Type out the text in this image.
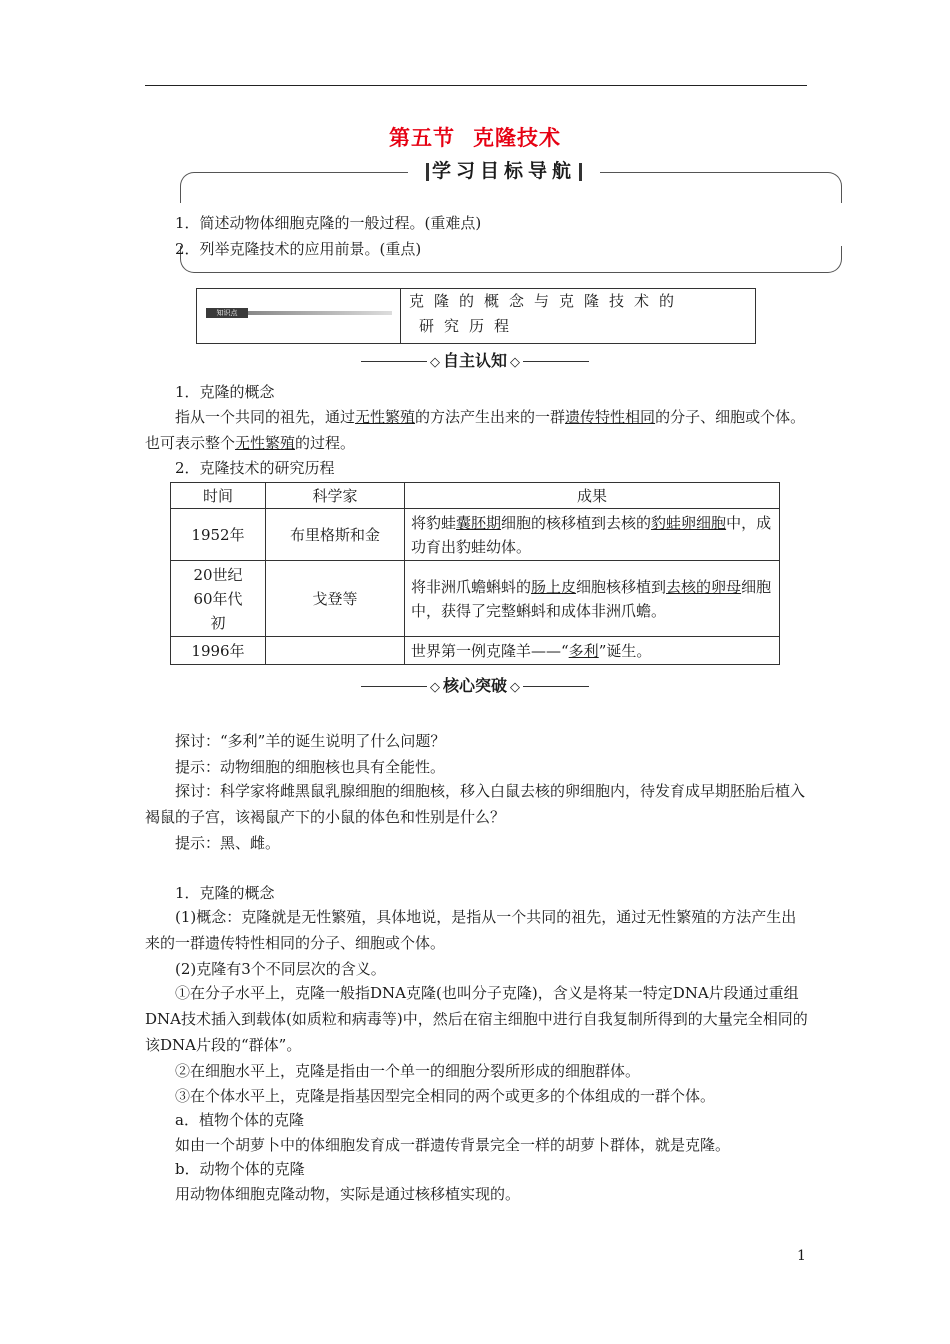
第五节 克隆技术
学习目标导航
1．简述动物体细胞克隆的一般过程。(重难点)
2．列举克隆技术的应用前景。(重点)
知识点
克隆的概念与克隆技术的
研究历程
◇ 自主认知 ◇
1．克隆的概念
指从一个共同的祖先，通过无性繁殖的方法产生出来的一群遗传特性相同的分子、细胞或个体。也可表示整个无性繁殖的过程。
2．克隆技术的研究历程
时间	科学家	成果
1952年	布里格斯和金	将豹蛙囊胚期细胞的核移植到去核的豹蛙卵细胞中，成功育出豹蛙幼体。

20世纪
60年代
初	戈登等	将非洲爪蟾蝌蚪的肠上皮细胞核移植到去核的卵母细胞中，获得了完整蝌蚪和成体非洲爪蟾。
1996年		世界第一例克隆羊——“多利”诞生。
◇ 核心突破 ◇
探讨：“多利”羊的诞生说明了什么问题？
提示：动物细胞的细胞核也具有全能性。
探讨：科学家将雌黑鼠乳腺细胞的细胞核，移入白鼠去核的卵细胞内，待发育成早期胚胎后植入褐鼠的子宫，该褐鼠产下的小鼠的体色和性别是什么？
提示：黑、雌。
1．克隆的概念
(1)概念：克隆就是无性繁殖，具体地说，是指从一个共同的祖先，通过无性繁殖的方法产生出来的一群遗传特性相同的分子、细胞或个体。
(2)克隆有3个不同层次的含义。
①在分子水平上，克隆一般指DNA克隆(也叫分子克隆)，含义是将某一特定DNA片段通过重组DNA技术插入到载体(如质粒和病毒等)中，然后在宿主细胞中进行自我复制所得到的大量完全相同的该DNA片段的“群体”。
②在细胞水平上，克隆是指由一个单一的细胞分裂所形成的细胞群体。
③在个体水平上，克隆是指基因型完全相同的两个或更多的个体组成的一群个体。
a．植物个体的克隆
如由一个胡萝卜中的体细胞发育成一群遗传背景完全一样的胡萝卜群体，就是克隆。
b．动物个体的克隆
用动物体细胞克隆动物，实际是通过核移植实现的。
1
